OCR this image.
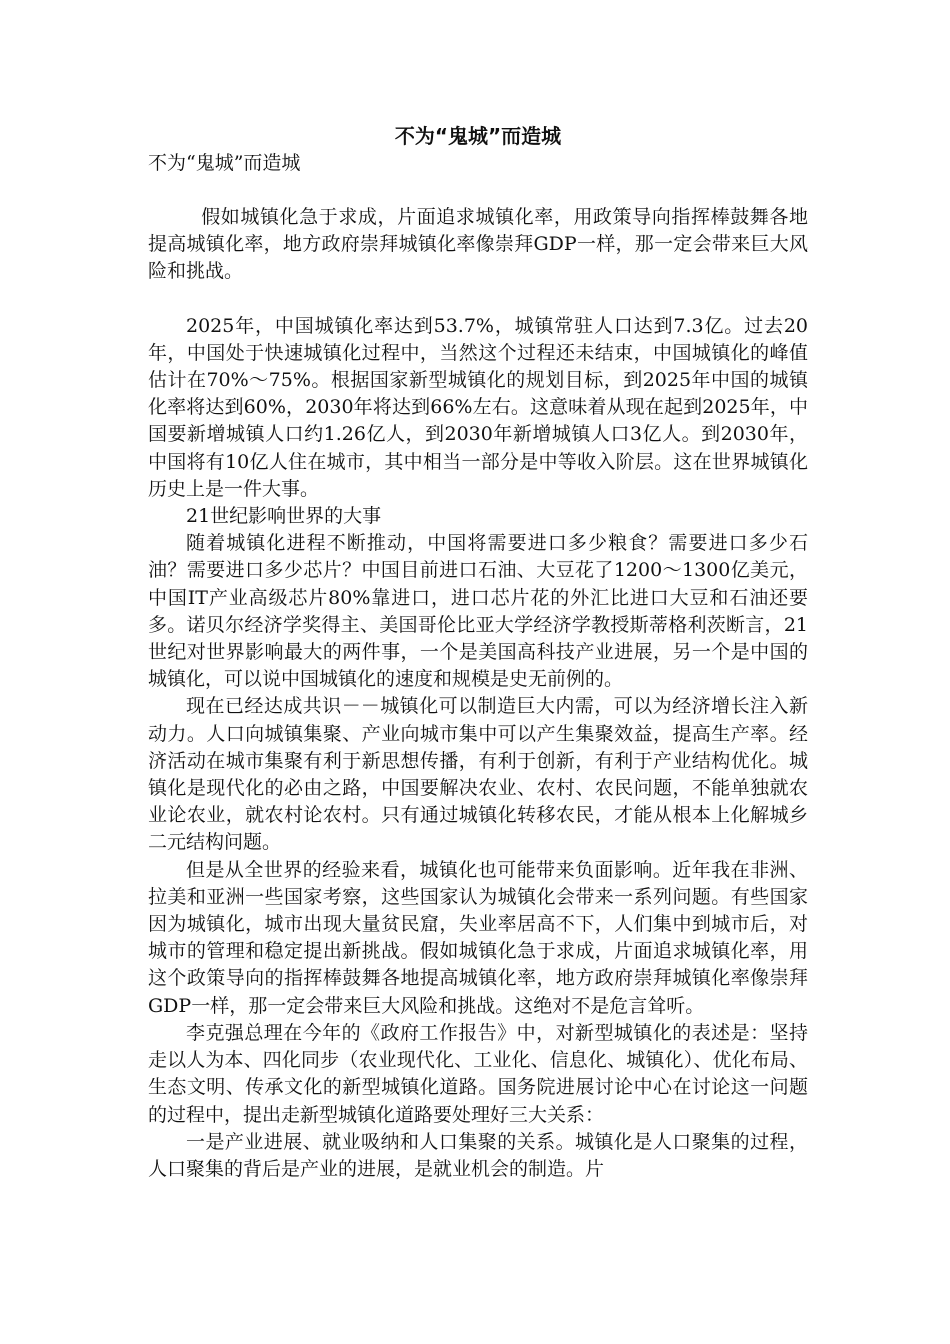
不为“鬼城”而造城
不为“鬼城”而造城

假如城镇化急于求成，片面追求城镇化率，用政策导向指挥棒鼓舞各地提高城镇化率，地方政府崇拜城镇化率像崇拜GDP一样，那一定会带来巨大风险和挑战。

2025年，中国城镇化率达到53.7%，城镇常驻人口达到7.3亿。过去20年，中国处于快速城镇化过程中，当然这个过程还未结束，中国城镇化的峰值估计在70%～75%。根据国家新型城镇化的规划目标，到2025年中国的城镇化率将达到60%，2030年将达到66%左右。这意味着从现在起到2025年，中国要新增城镇人口约1.26亿人，到2030年新增城镇人口3亿人。到2030年，中国将有10亿人住在城市，其中相当一部分是中等收入阶层。这在世界城镇化历史上是一件大事。

21世纪影响世界的大事

随着城镇化进程不断推动，中国将需要进口多少粮食？需要进口多少石油？需要进口多少芯片？中国目前进口石油、大豆花了1200～1300亿美元，中国IT产业高级芯片80%靠进口，进口芯片花的外汇比进口大豆和石油还要多。诺贝尔经济学奖得主、美国哥伦比亚大学经济学教授斯蒂格利茨断言，21世纪对世界影响最大的两件事，一个是美国高科技产业进展，另一个是中国的城镇化，可以说中国城镇化的速度和规模是史无前例的。

现在已经达成共识－－城镇化可以制造巨大内需，可以为经济增长注入新动力。人口向城镇集聚、产业向城市集中可以产生集聚效益，提高生产率。经济活动在城市集聚有利于新思想传播，有利于创新，有利于产业结构优化。城镇化是现代化的必由之路，中国要解决农业、农村、农民问题，不能单独就农业论农业，就农村论农村。只有通过城镇化转移农民，才能从根本上化解城乡二元结构问题。

但是从全世界的经验来看，城镇化也可能带来负面影响。近年我在非洲、拉美和亚洲一些国家考察，这些国家认为城镇化会带来一系列问题。有些国家因为城镇化，城市出现大量贫民窟，失业率居高不下，人们集中到城市后，对城市的管理和稳定提出新挑战。假如城镇化急于求成，片面追求城镇化率，用这个政策导向的指挥棒鼓舞各地提高城镇化率，地方政府崇拜城镇化率像崇拜GDP一样，那一定会带来巨大风险和挑战。这绝对不是危言耸听。

李克强总理在今年的《政府工作报告》中，对新型城镇化的表述是：坚持走以人为本、四化同步（农业现代化、工业化、信息化、城镇化）、优化布局、生态文明、传承文化的新型城镇化道路。国务院进展讨论中心在讨论这一问题的过程中，提出走新型城镇化道路要处理好三大关系：

一是产业进展、就业吸纳和人口集聚的关系。城镇化是人口聚集的过程，人口聚集的背后是产业的进展，是就业机会的制造。片
